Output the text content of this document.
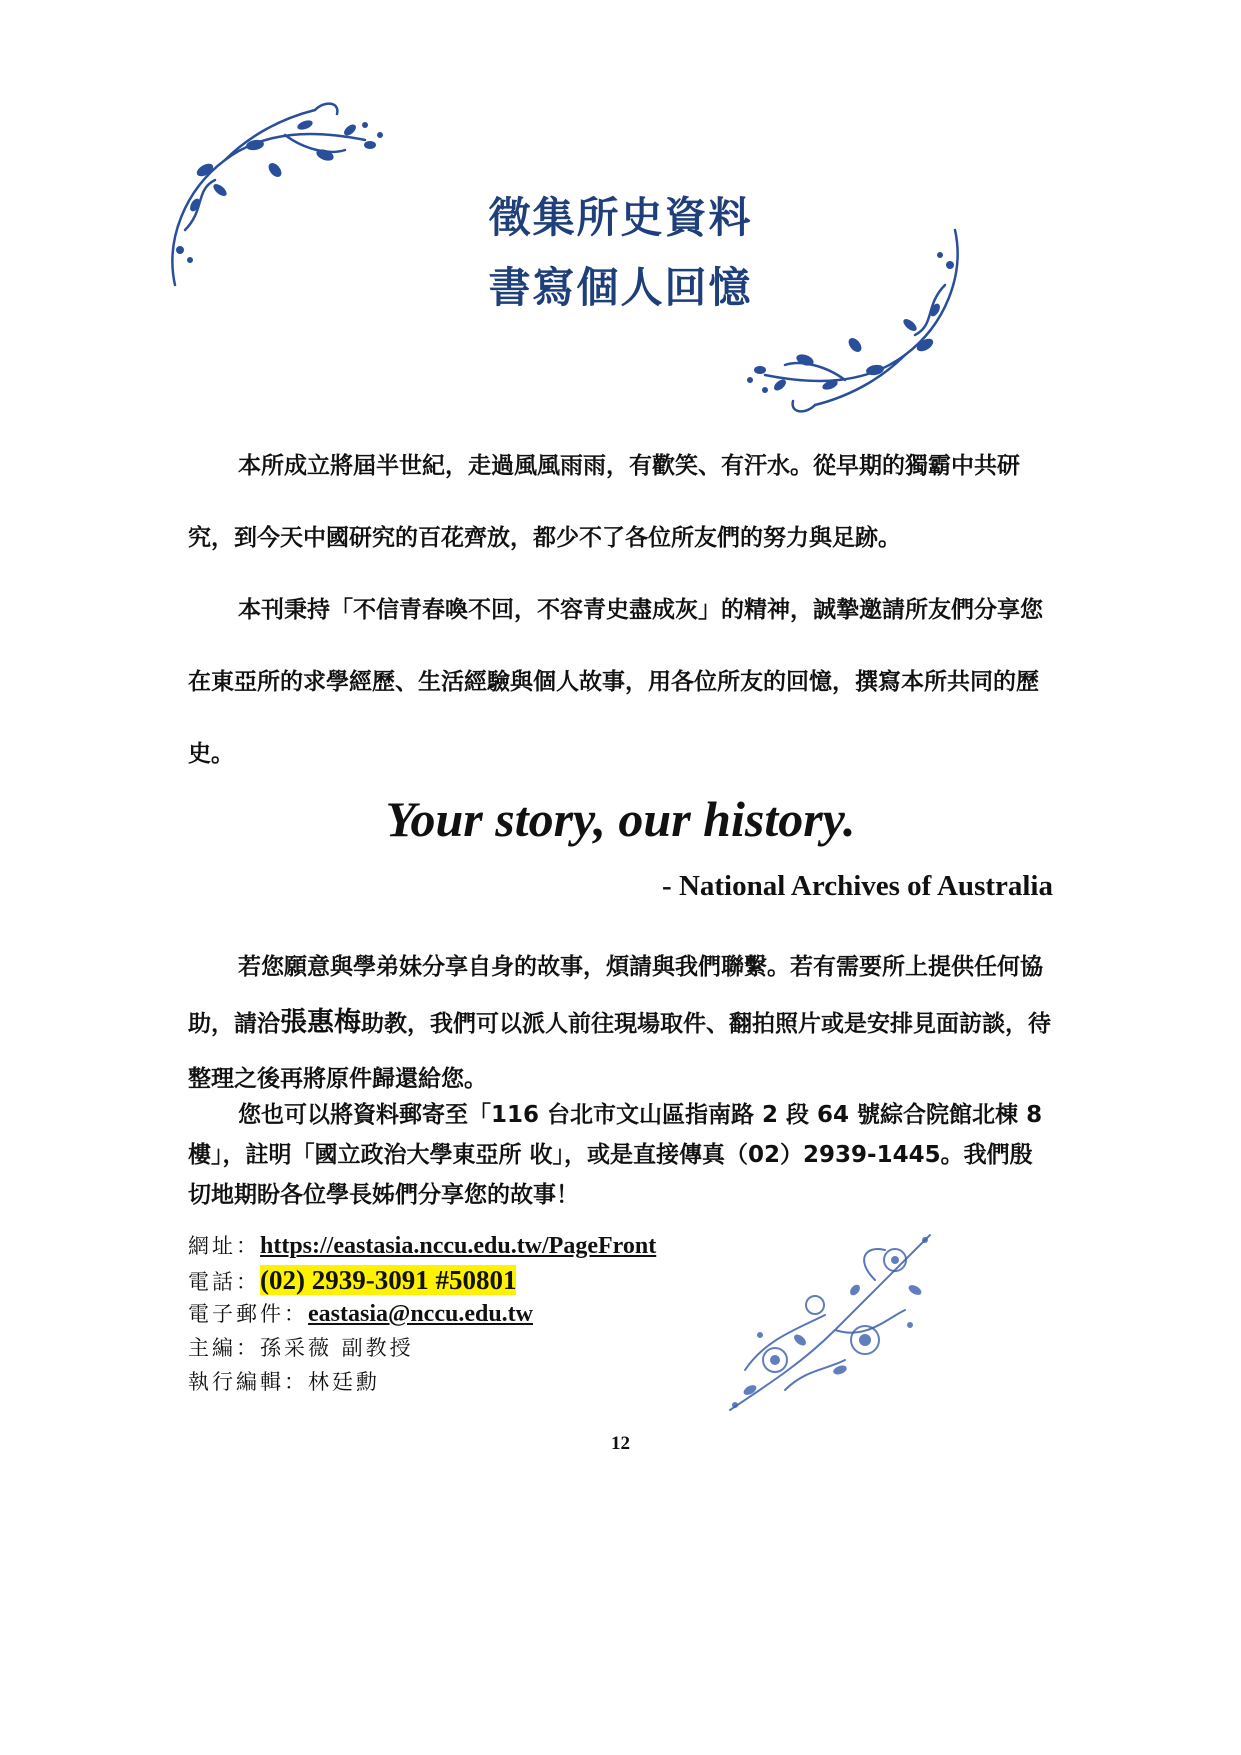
徵集所史資料
書寫個人回憶

本所成立將屆半世紀，走過風風雨雨，有歡笑、有汗水。從早期的獨霸中共研究，到今天中國研究的百花齊放，都少不了各位所友們的努力與足跡。

本刊秉持「不信青春喚不回，不容青史盡成灰」的精神，誠摯邀請所友們分享您在東亞所的求學經歷、生活經驗與個人故事，用各位所友的回憶，撰寫本所共同的歷史。

Your story, our history.
- National Archives of Australia

若您願意與學弟妹分享自身的故事，煩請與我們聯繫。若有需要所上提供任何協助，請洽張惠梅助教，我們可以派人前往現場取件、翻拍照片或是安排見面訪談，待整理之後再將原件歸還給您。

您也可以將資料郵寄至「116 台北市文山區指南路 2 段 64 號綜合院館北棟 8 樓」，註明「國立政治大學東亞所 收」，或是直接傳真（02）2939-1445。我們殷切地期盼各位學長姊們分享您的故事！

網址：https://eastasia.nccu.edu.tw/PageFront
電話：(02) 2939-3091 #50801
電子郵件：eastasia@nccu.edu.tw
主編：孫采薇 副教授
執行編輯：林廷勳
12
